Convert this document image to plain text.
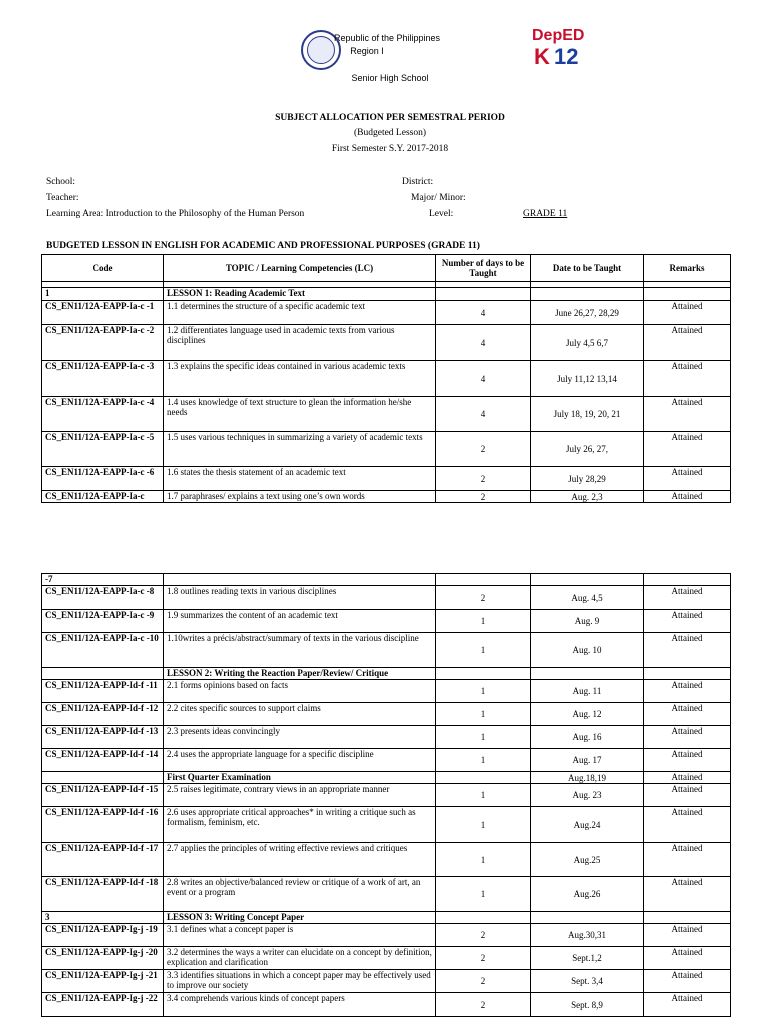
Republic of the Philippines
Region I
Senior High School
DepED
K 12
SUBJECT ALLOCATION PER SEMESTRAL PERIOD
(Budgeted Lesson)
First Semester S.Y. 2017-2018
School:	District:
Teacher:	Major/ Minor:
Learning Area: Introduction to the Philosophy of the Human Person	Level:	GRADE 11
BUDGETED LESSON IN ENGLISH FOR ACADEMIC AND PROFESSIONAL PURPOSES (GRADE 11)
Code	TOPIC / Learning Competencies (LC)	Number of days to be Taught	Date to be Taught	Remarks

1	LESSON 1: Reading Academic Text			
CS_EN11/12A-EAPP-Ia-c -1	1.1 determines the structure of a specific academic text	4	June 26,27, 28,29	Attained
CS_EN11/12A-EAPP-Ia-c -2	1.2 differentiates language used in academic texts from various disciplines	4	July 4,5 6,7	Attained
CS_EN11/12A-EAPP-Ia-c -3	1.3 explains the specific ideas contained in various academic texts	4	July 11,12 13,14	Attained
CS_EN11/12A-EAPP-Ia-c -4	1.4 uses knowledge of text structure to glean the information he/she needs	4	July 18, 19, 20, 21	Attained
CS_EN11/12A-EAPP-Ia-c -5	1.5 uses various techniques in summarizing a variety of academic texts	2	July 26, 27,	Attained
CS_EN11/12A-EAPP-Ia-c -6	1.6 states the thesis statement of an academic text	2	July 28,29	Attained
CS_EN11/12A-EAPP-Ia-c	1.7 paraphrases/ explains a text using one’s own words	2	Aug. 2,3	Attained
-7				
CS_EN11/12A-EAPP-Ia-c -8	1.8 outlines reading texts in various disciplines	2	Aug. 4,5	Attained
CS_EN11/12A-EAPP-Ia-c -9	1.9 summarizes the content of an academic text	1	Aug. 9	Attained
CS_EN11/12A-EAPP-Ia-c -10	1.10writes a précis/abstract/summary of texts in the various discipline	1	Aug. 10	Attained
	LESSON 2: Writing the Reaction Paper/Review/ Critique			
CS_EN11/12A-EAPP-Id-f -11	2.1 forms opinions based on facts	1	Aug. 11	Attained
CS_EN11/12A-EAPP-Id-f -12	2.2 cites specific sources to support claims	1	Aug. 12	Attained
CS_EN11/12A-EAPP-Id-f -13	2.3 presents ideas convincingly	1	Aug. 16	Attained
CS_EN11/12A-EAPP-Id-f -14	2.4 uses the appropriate language for a specific discipline	1	Aug. 17	Attained
	First Quarter Examination		Aug.18,19	Attained
CS_EN11/12A-EAPP-Id-f -15	2.5 raises legitimate, contrary views in an appropriate manner	1	Aug. 23	Attained
CS_EN11/12A-EAPP-Id-f -16	2.6 uses appropriate critical approaches* in writing a critique such as formalism, feminism, etc.	1	Aug.24	Attained
CS_EN11/12A-EAPP-Id-f -17	2.7 applies the principles of writing effective reviews and critiques	1	Aug.25	Attained
CS_EN11/12A-EAPP-Id-f -18	2.8 writes an objective/balanced review or critique of a work of art, an event or a program	1	Aug.26	Attained
3	LESSON 3: Writing Concept Paper			
CS_EN11/12A-EAPP-Ig-j -19	3.1 defines what a concept paper is	2	Aug.30,31	Attained
CS_EN11/12A-EAPP-Ig-j -20	3.2 determines the ways a writer can elucidate on a concept by definition, explication and clarification	2	Sept.1,2	Attained
CS_EN11/12A-EAPP-Ig-j -21	3.3 identifies situations in which a concept paper may be effectively used to improve our society	2	Sept. 3,4	Attained
CS_EN11/12A-EAPP-Ig-j -22	3.4 comprehends various kinds of concept papers	2	Sept. 8,9	Attained
